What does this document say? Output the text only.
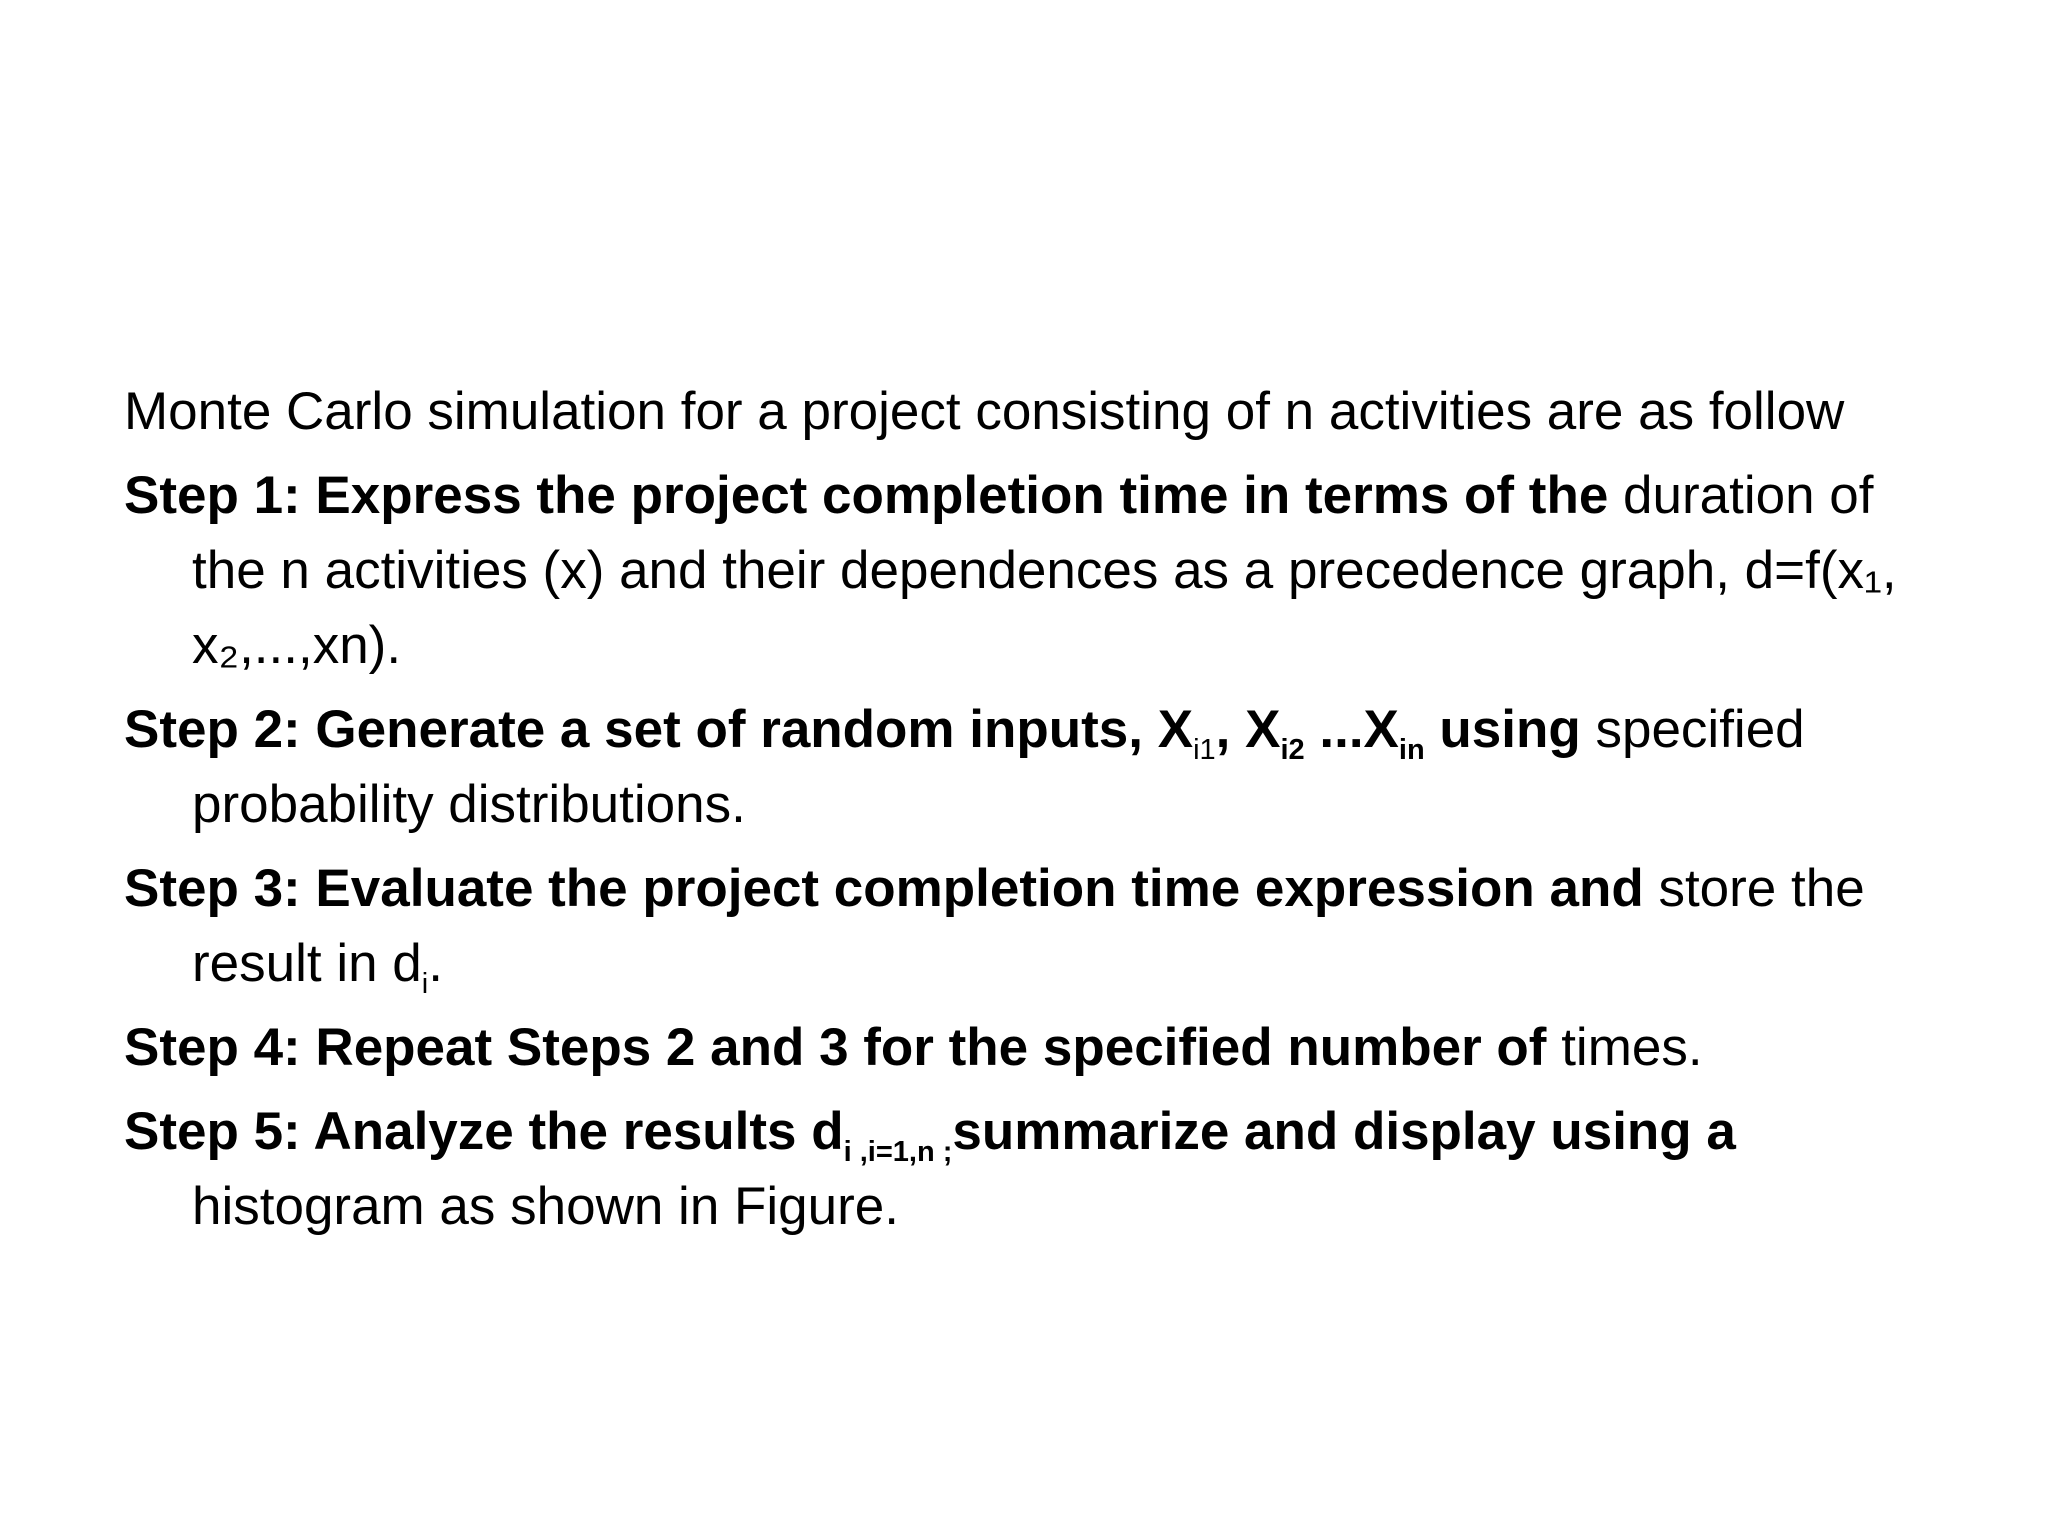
Monte Carlo simulation for a project consisting of n activities are as follow

Step 1: Express the project completion time in terms of the duration of the n activities (x) and their dependences as a precedence graph, d=f(x₁, x₂,...,xn).

Step 2: Generate a set of random inputs, $X_{i1}$, $X_{i2}$ $...X_{in}$ using specified probability distributions.

Step 3: Evaluate the project completion time expression and store the result in $d_i$.

Step 4: Repeat Steps 2 and 3 for the specified number of times.

Step 5: Analyze the results $d_{i ,i=1,n ;}summarize$ and display using a histogram as shown in Figure.
